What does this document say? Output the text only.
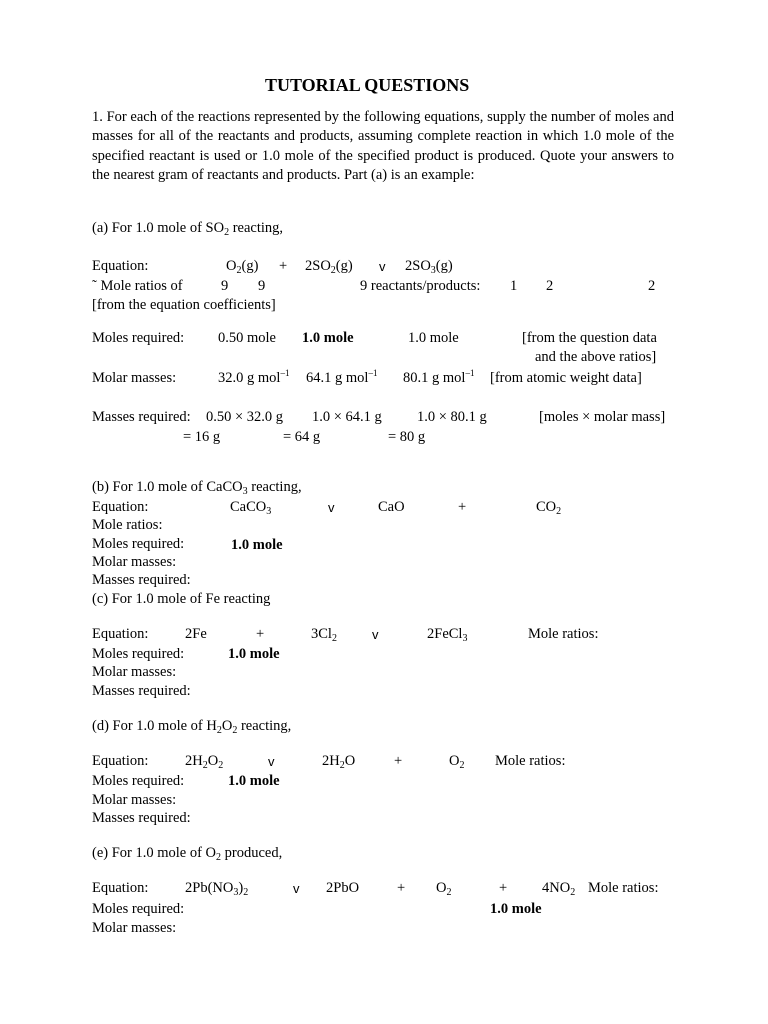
TUTORIAL QUESTIONS
1. For each of the reactions represented by the following equations, supply the number of moles and masses for all of the reactants and products, assuming complete reaction in which 1.0 mole of the specified reactant is used or 1.0 mole of the specified product is produced. Quote your answers to the nearest gram of reactants and products. Part (a) is an example:
(a) For 1.0 mole of $SO_2$ reacting,
Equation:	$O_2(g) + 2SO_2(g)$ v $2SO_3(g)$
˜ Mole ratios of	9 9	9 reactants/products: 1 2	2
[from the equation coefficients]
Moles required: 0.50 mole 1.0 mole	1.0 mole	[from the question data
and the above ratios]
Molar masses:	32.0 g mol$^{-1}$ 64.1 g mol$^{-1}$ 80.1 g mol$^{-1}$ [from atomic weight data]
Masses required: 0.50 × 32.0 g 1.0 × 64.1 g 1.0 × 80.1 g	[moles × molar mass]
= 16 g	= 64 g	= 80 g
(b) For 1.0 mole of CaCO$_3$ reacting,
Equation:	CaCO$_3$	v	CaO	+	$CO_2$
Mole ratios:
Moles required:	1.0 mole
Molar masses:
Masses required:
(c) For 1.0 mole of Fe reacting
Equation:	2Fe	+	$3Cl_2$	v	2FeCl$_3$	Mole ratios:
Moles required:	1.0 mole
Molar masses:
Masses required:
(d) For 1.0 mole of $H_2O_2$ reacting,
Equation:	$2H_2O_2$	v	$2H_2O$	+	$O_2$ Mole ratios:
Moles required:	1.0 mole
Molar masses:
Masses required:
(e) For 1.0 mole of $O_2$ produced,
Equation:	$2Pb(NO_3)_2$	v 2PbO	+ $O_2$	+ $4NO_2$ Mole ratios:
Moles required:	1.0 mole
Molar masses:
